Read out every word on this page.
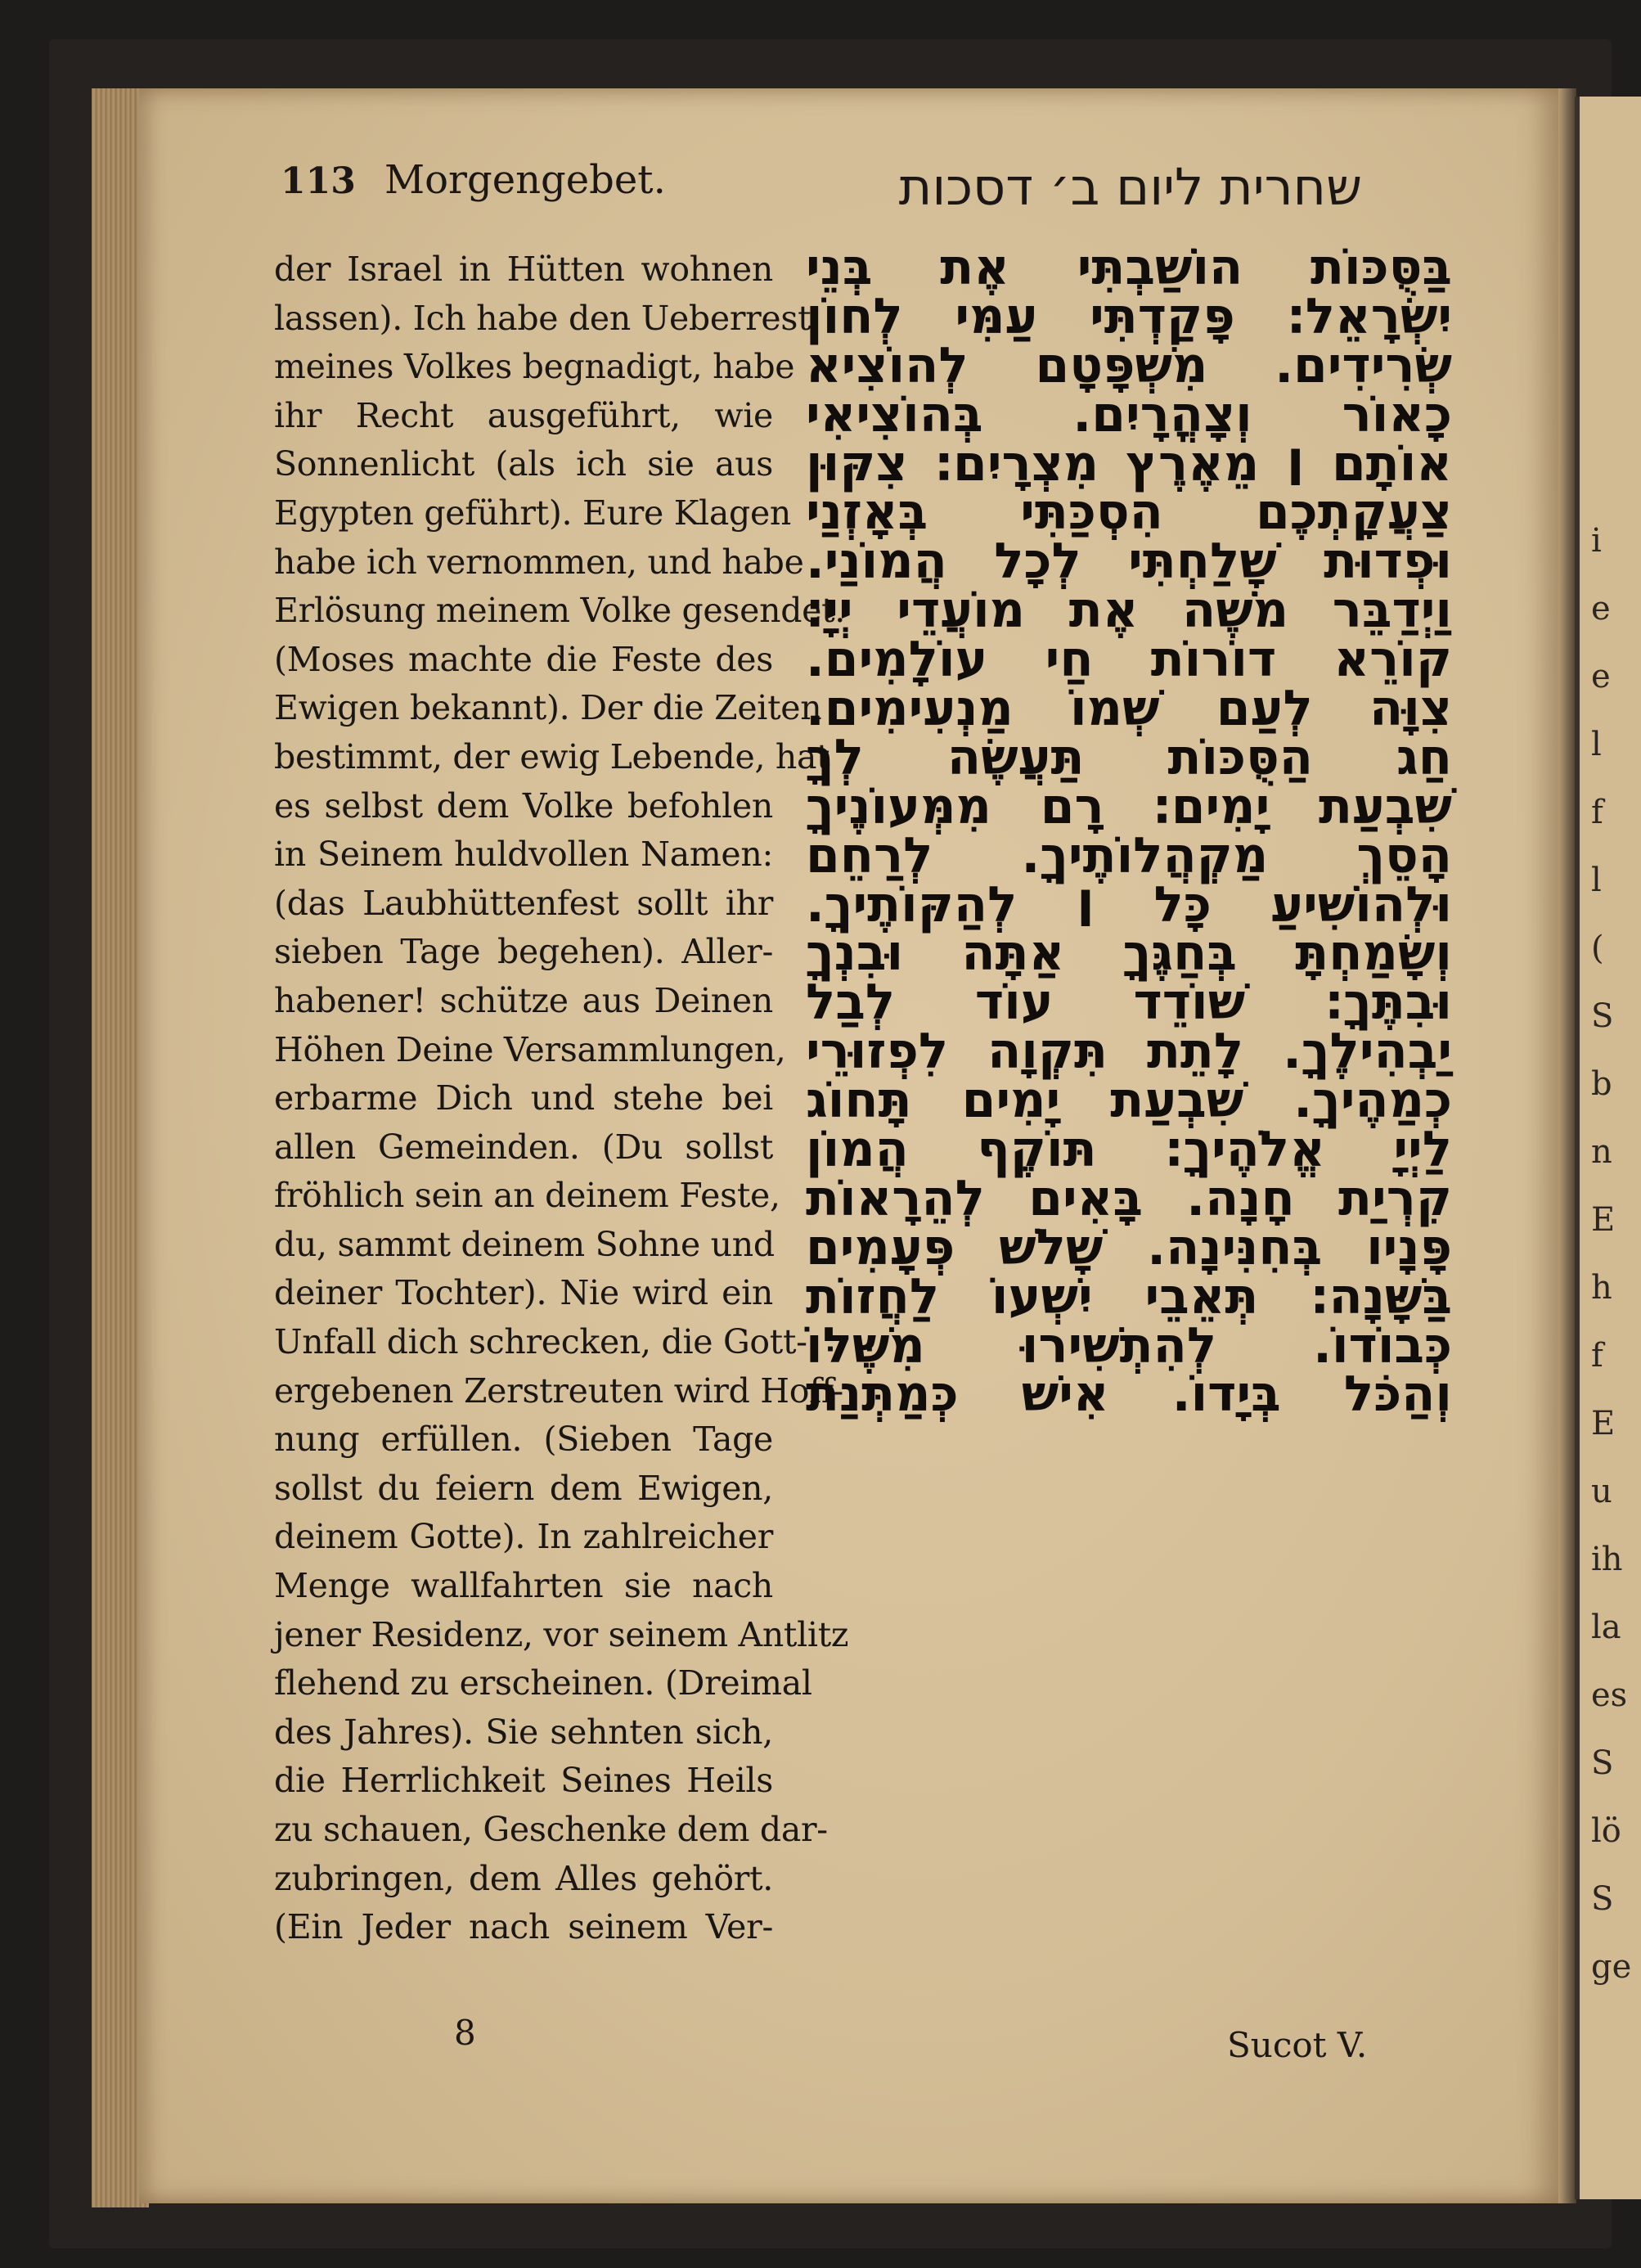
i
e
e
l
f
l
(
S
b
n
E
h
f
E
u
ih
la
es
S
lö
S
ge
113 Morgengebet.	שחרית ליום ב׳ דסכות
der Israel in Hütten wohnen
lassen). Ich habe den Ueberrest
meines Volkes begnadigt, habe
ihr Recht ausgeführt, wie
Sonnenlicht (als ich sie aus
Egypten geführt). Eure Klagen
habe ich vernommen, und habe
Erlösung meinem Volke gesendet.
(Moses machte die Feste des
Ewigen bekannt). Der die Zeiten
bestimmt, der ewig Lebende, hat
es selbst dem Volke befohlen
in Seinem huldvollen Namen:
(das Laubhüttenfest sollt ihr
sieben Tage begehen). Aller-
habener! schütze aus Deinen
Höhen Deine Versammlungen,
erbarme Dich und stehe bei
allen Gemeinden. (Du sollst
fröhlich sein an deinem Feste,
du, sammt deinem Sohne und
deiner Tochter). Nie wird ein
Unfall dich schrecken, die Gott-
ergebenen Zerstreuten wird Hoff-
nung erfüllen. (Sieben Tage
sollst du feiern dem Ewigen,
deinem Gotte). In zahlreicher
Menge wallfahrten sie nach
jener Residenz, vor seinem Antlitz
flehend zu erscheinen. (Dreimal
des Jahres). Sie sehnten sich,
die Herrlichkeit Seines Heils
zu schauen, Geschenke dem dar-
zubringen, dem Alles gehört.
(Ein Jeder nach seinem Ver-
בַּסֻּכּוֹת הוֹשַׁבְתִּי אֶת בְּנֵי
יִשְׂרָאֵל׃ פָּקַדְתִּי עַמִּי לְחוֹן
שְׂרִידִים. מִשְׁפָּטָם לְהוֹצִיא
כָאוֹר וְצָהֳרָיִם. בְּהוֹצִיאִי
אוֹתָם ׀ מֵאֶרֶץ מִצְרָיִם׃ צִקּוּן
צַעֲקָתְכֶם הִסְכַּתִּי בְּאָזְנַי
וּפְדוּת שָׁלַחְתִּי לְכָל הֲמוֹנַי.
וַיְדַבֵּר מֹשֶׁה אֶת מוֹעֲדֵי יְיָ׃
קוֹרֵא דוֹרוֹת חַי עוֹלָמִים.
צִוָּה לְעַם שְׁמוֹ מַנְעִימִים.
חַג הַסֻּכּוֹת תַּעֲשֶׂה לְךָ
שִׁבְעַת יָמִים׃ רָם מִמְּעוֹנֶיךָ
הָסֵךְ מַקְהֲלוֹתֶיךָ. לְרַחֵם
וּלְהוֹשִׁיעַ כָּל ׀ לְהַקּוֹתֶיךָ.
וְשָׂמַחְתָּ בְּחַגֶּךָ אַתָּה וּבִנְךָ
וּבִתֶּךָ׃ שׁוֹדֵד עוֹד לְבַל
יַבְהִילֶךָ. לָתֵת תִּקְוָה לִפְזוּרֵי
כְמַהֶיךָ. שִׁבְעַת יָמִים תָּחוֹג
לַיְיָ אֱלֹהֶיךָ׃ תּוֹקֶף הֲמוֹן
קִרְיַת חָנָה. בָּאִים לְהֵרָאוֹת
פָּנָיו בְּחִנִּינָה. שָׁלֹשׁ פְּעָמִים
בַּשָּׁנָה׃ תְּאֵבֵי יִשְׁעוֹ לַחֲזוֹת
כְּבוֹדוֹ. לְהִתְשִׁירוּ מִשֶּׁלּוֹ
וְהַכֹּל בְּיָדוֹ. אִישׁ כְּמַתְּנַת
8	Sucot V.
